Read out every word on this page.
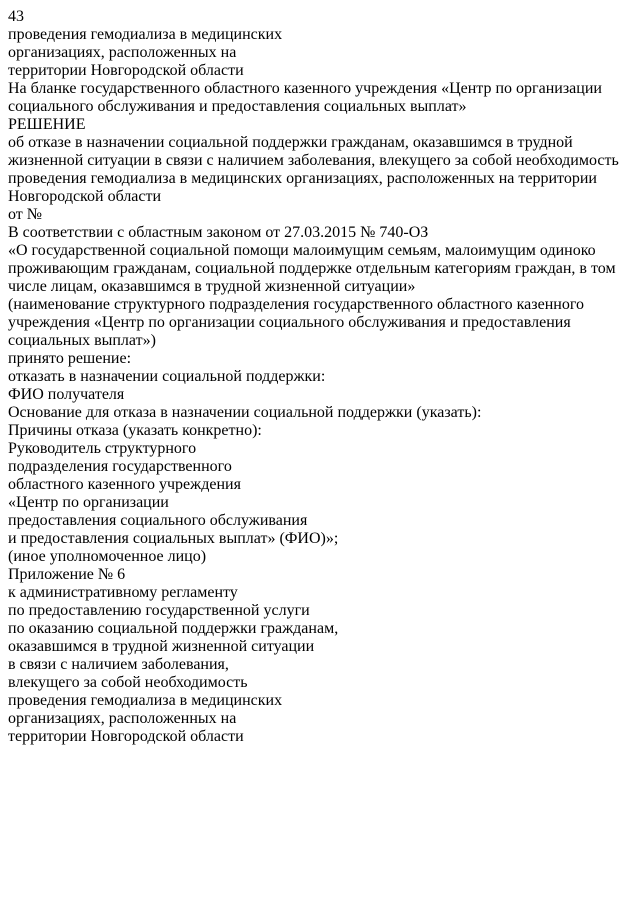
43
проведения гемодиализа в медицинских
организациях, расположенных на
территории Новгородской области
На бланке государственного областного казенного учреждения «Центр по организации социального обслуживания и предоставления социальных выплат»
РЕШЕНИЕ
об отказе в назначении социальной поддержки гражданам, оказавшимся в трудной
жизненной ситуации в связи с наличием заболевания, влекущего за собой необходимость
проведения гемодиализа в медицинских организациях, расположенных на территории
Новгородской области
от №
В соответствии с областным законом от 27.03.2015 № 740-ОЗ
«О государственной социальной помощи малоимущим семьям, малоимущим одиноко
проживающим гражданам, социальной поддержке отдельным категориям граждан, в том
числе лицам, оказавшимся в трудной жизненной ситуации»
(наименование структурного подразделения государственного областного казенного
учреждения «Центр по организации социального обслуживания и предоставления
социальных выплат»)
принято решение:
отказать в назначении социальной поддержки:
ФИО получателя
Основание для отказа в назначении социальной поддержки (указать):
Причины отказа (указать конкретно):
Руководитель структурного
подразделения государственного
областного казенного учреждения
«Центр по организации
предоставления социального обслуживания
и предоставления социальных выплат» (ФИО)»;
(иное уполномоченное лицо)
Приложение № 6
к административному регламенту
по предоставлению государственной услуги
по оказанию социальной поддержки гражданам,
оказавшимся в трудной жизненной ситуации
в связи с наличием заболевания,
влекущего за собой необходимость
проведения гемодиализа в медицинских
организациях, расположенных на
территории Новгородской области
